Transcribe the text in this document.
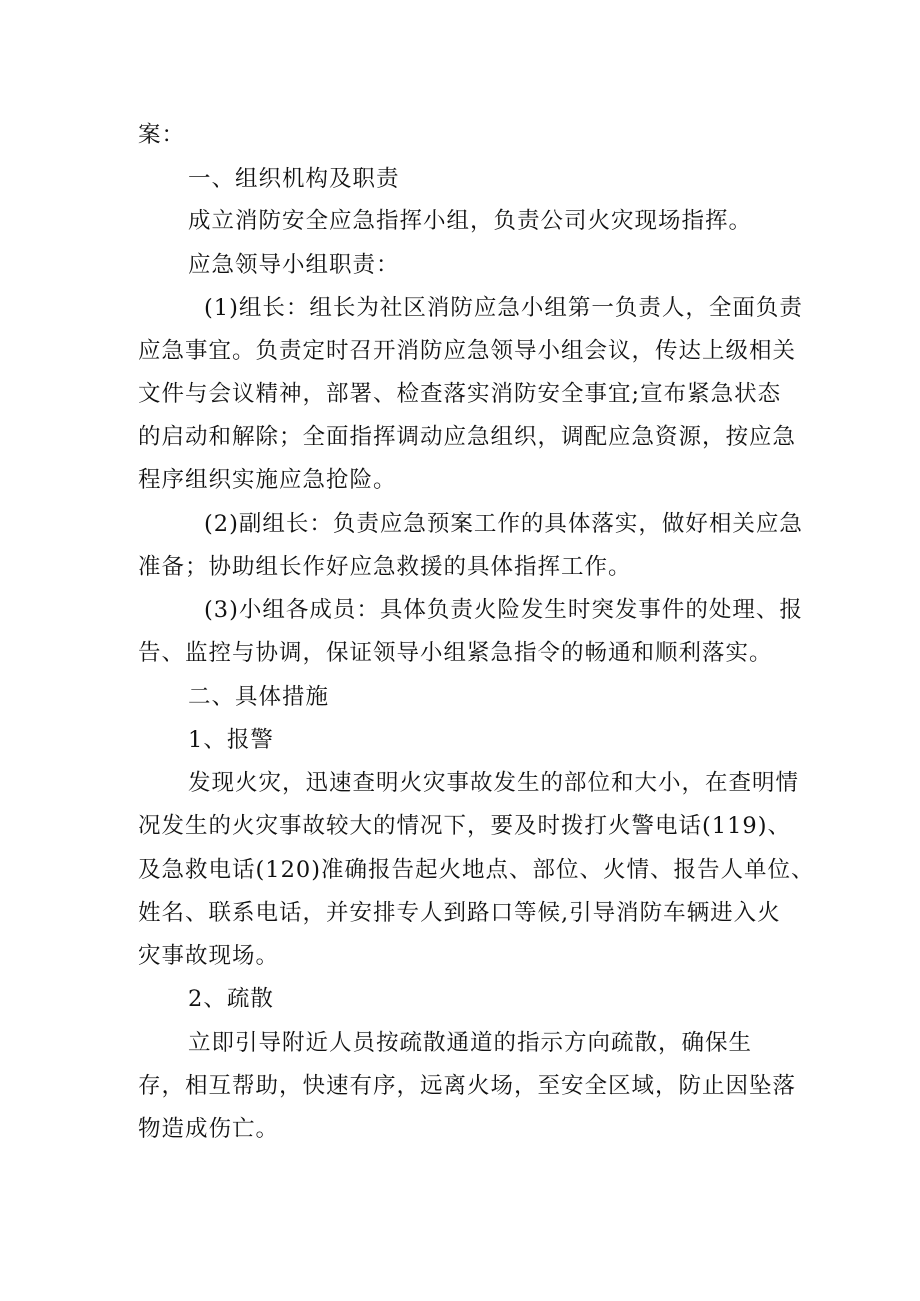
案：
一、组织机构及职责
成立消防安全应急指挥小组，负责公司火灾现场指挥。
应急领导小组职责：
(1)组长：组长为社区消防应急小组第一负责人，全面负责
应急事宜。负责定时召开消防应急领导小组会议，传达上级相关
文件与会议精神，部署、检查落实消防安全事宜;宣布紧急状态
的启动和解除；全面指挥调动应急组织，调配应急资源，按应急
程序组织实施应急抢险。
(2)副组长：负责应急预案工作的具体落实，做好相关应急
准备；协助组长作好应急救援的具体指挥工作。
(3)小组各成员：具体负责火险发生时突发事件的处理、报
告、监控与协调，保证领导小组紧急指令的畅通和顺利落实。
二、具体措施
1、报警
发现火灾，迅速查明火灾事故发生的部位和大小，在查明情
况发生的火灾事故较大的情况下，要及时拨打火警电话(119)、
及急救电话(120)准确报告起火地点、部位、火情、报告人单位、
姓名、联系电话，并安排专人到路口等候,引导消防车辆进入火
灾事故现场。
2、疏散
立即引导附近人员按疏散通道的指示方向疏散，确保生
存，相互帮助，快速有序，远离火场，至安全区域，防止因坠落
物造成伤亡。
